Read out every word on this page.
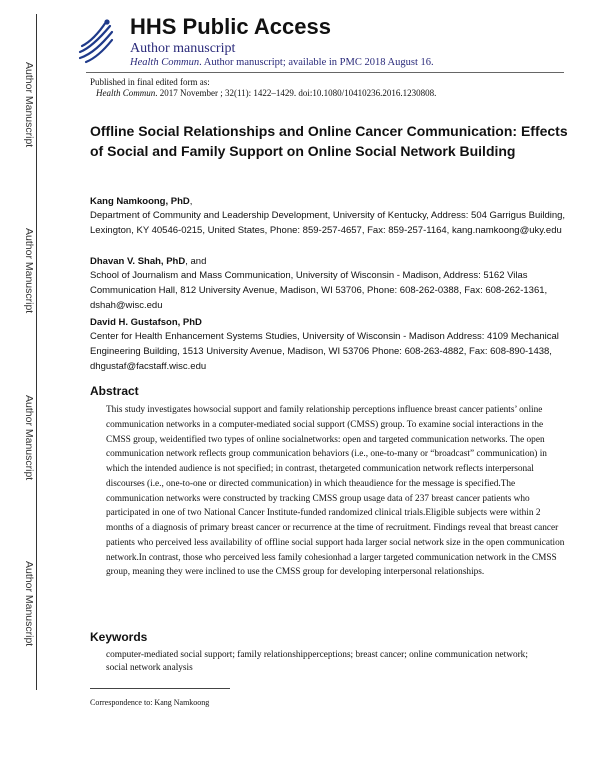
Author Manuscript
Author Manuscript
Author Manuscript
Author Manuscript
HHS Public Access
Author manuscript
Health Commun. Author manuscript; available in PMC 2018 August 16.
Published in final edited form as:
Health Commun. 2017 November ; 32(11): 1422–1429. doi:10.1080/10410236.2016.1230808.
Offline Social Relationships and Online Cancer Communication: Effects of Social and Family Support on Online Social Network Building
Kang Namkoong, PhD,
Department of Community and Leadership Development, University of Kentucky, Address: 504 Garrigus Building, Lexington, KY 40546-0215, United States, Phone: 859-257-4657, Fax: 859-257-1164, kang.namkoong@uky.edu
Dhavan V. Shah, PhD, and
School of Journalism and Mass Communication, University of Wisconsin - Madison, Address: 5162 Vilas Communication Hall, 812 University Avenue, Madison, WI 53706, Phone: 608-262-0388, Fax: 608-262-1361, dshah@wisc.edu
David H. Gustafson, PhD
Center for Health Enhancement Systems Studies, University of Wisconsin - Madison Address: 4109 Mechanical Engineering Building, 1513 University Avenue, Madison, WI 53706 Phone: 608-263-4882, Fax: 608-890-1438, dhgustaf@facstaff.wisc.edu
Abstract
This study investigates howsocial support and family relationship perceptions influence breast cancer patients’ online communication networks in a computer-mediated social support (CMSS) group. To examine social interactions in the CMSS group, weidentified two types of online socialnetworks: open and targeted communication networks. The open communication network reflects group communication behaviors (i.e., one-to-many or “broadcast” communication) in which the intended audience is not specified; in contrast, thetargeted communication network reflects interpersonal discourses (i.e., one-to-one or directed communication) in which theaudience for the message is specified.The communication networks were constructed by tracking CMSS group usage data of 237 breast cancer patients who participated in one of two National Cancer Institute-funded randomized clinical trials.Eligible subjects were within 2 months of a diagnosis of primary breast cancer or recurrence at the time of recruitment. Findings reveal that breast cancer patients who perceived less availability of offline social support hada larger social network size in the open communication network.In contrast, those who perceived less family cohesionhad a larger targeted communication network in the CMSS group, meaning they were inclined to use the CMSS group for developing interpersonal relationships.
Keywords
computer-mediated social support; family relationshipperceptions; breast cancer; online communication network; social network analysis
Correspondence to: Kang Namkoong
